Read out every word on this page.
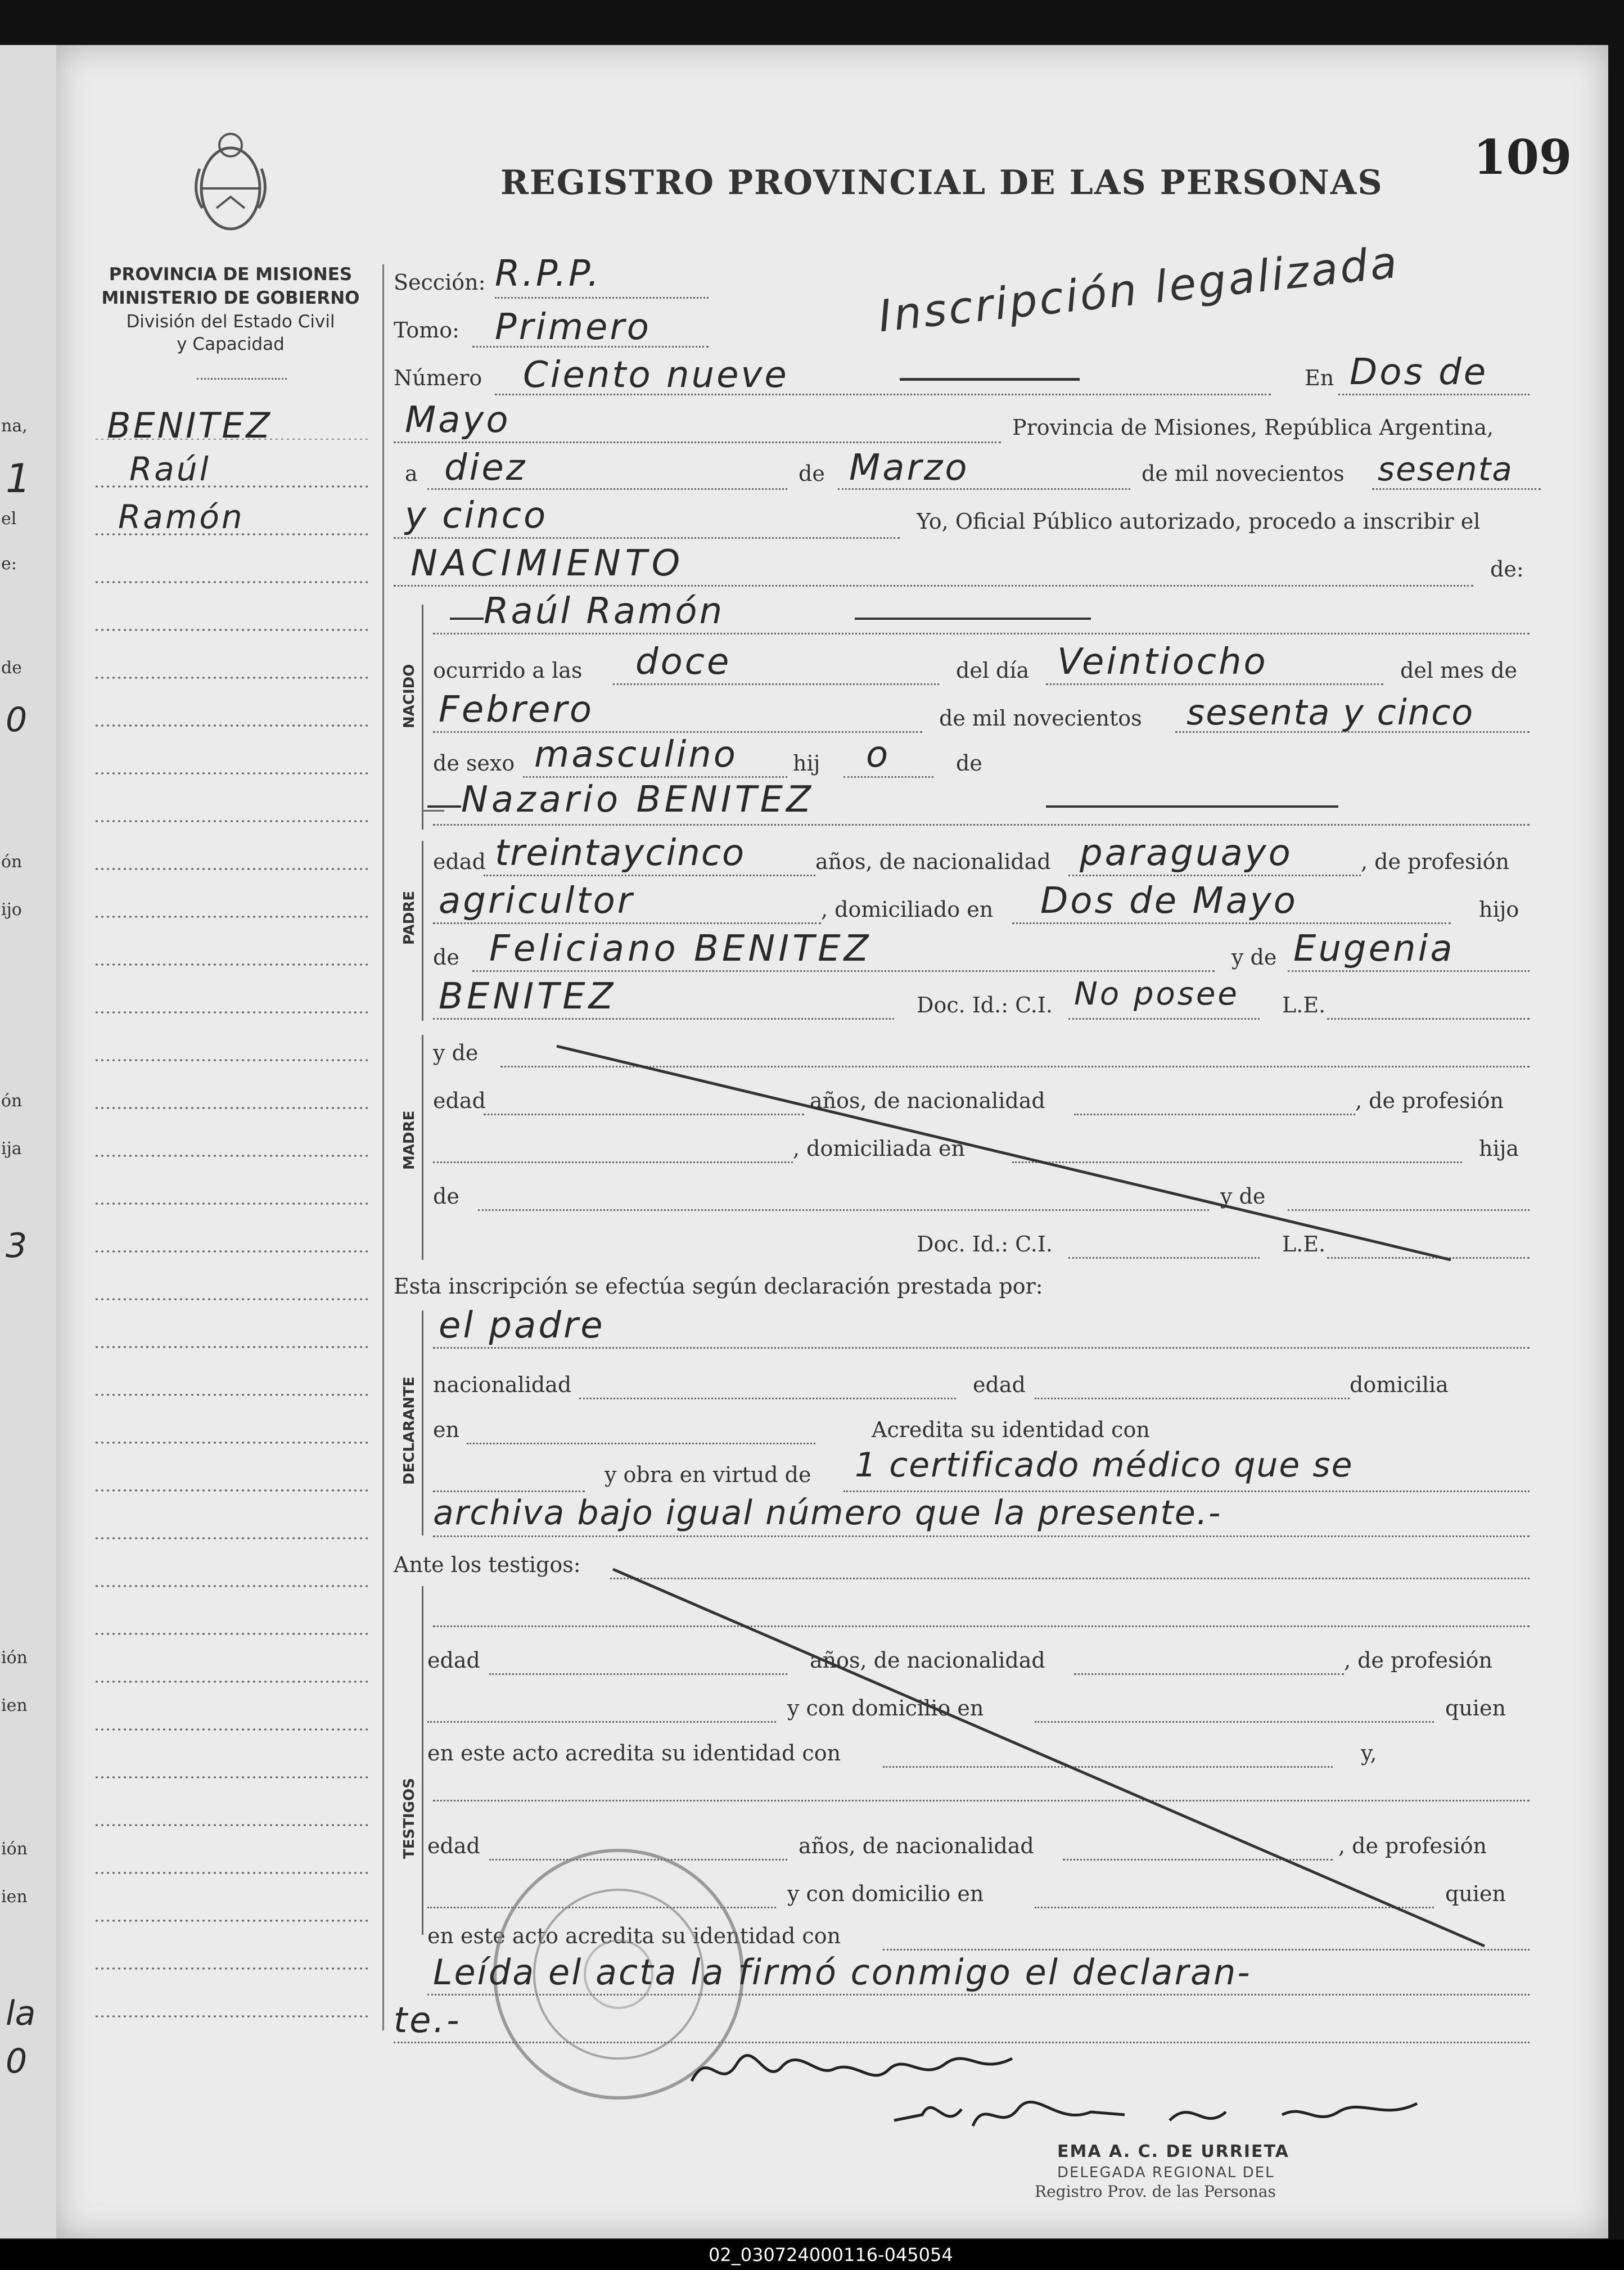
na,
el
e:
de
ón
ijo
ón
ija
ión
ien
ión
ien
1
0
3
la
0
109
REGISTRO PROVINCIAL DE LAS PERSONAS
PROVINCIA DE MISIONES
MINISTERIO DE GOBIERNO
División del Estado Civil
y Capacidad
BENITEZ
Raúl
Ramón
Inscripción legalizada
Sección: R.P.P.
Tomo: Primero
Número Ciento nueve	En Dos de
Mayo	Provincia de Misiones, República Argentina,
a diez	de Marzo	de mil novecientos sesenta
y cinco	Yo, Oficial Público autorizado, procedo a inscribir el
NACIMIENTO	de:
NACIDO
Raúl Ramón
ocurrido a las doce	del día Veintiocho	del mes de
Febrero	de mil novecientos sesenta y cinco
de sexo masculino	hij o	de
Nazario BENITEZ
PADRE
edad treintaycinco	años, de nacionalidad paraguayo	, de profesión
agricultor	, domiciliado en Dos de Mayo	hijo
de Feliciano BENITEZ	y de Eugenia
BENITEZ	Doc. Id.: C.I. No posee L.E.
MADRE
y de
edad	años, de nacionalidad	, de profesión
, domiciliada en	hija
de	y de
Doc. Id.: C.I.	L.E.
Esta inscripción se efectúa según declaración prestada por:
DECLARANTE
el padre
nacionalidad	edad	domicilia
en	Acredita su identidad con
y obra en virtud de 1 certificado médico que se
archiva bajo igual número que la presente.-
Ante los testigos:
TESTIGOS
edad	años, de nacionalidad	, de profesión
y con domicilio en	quien
en este acto acredita su identidad con	y,
edad	años, de nacionalidad	, de profesión
y con domicilio en	quien
en este acto acredita su identidad con
Leída el acta la firmó conmigo el declaran-
te.-
EMA A. C. DE URRIETA
DELEGADA REGIONAL DEL
Registro Prov. de las Personas
02_030724000116-045054
